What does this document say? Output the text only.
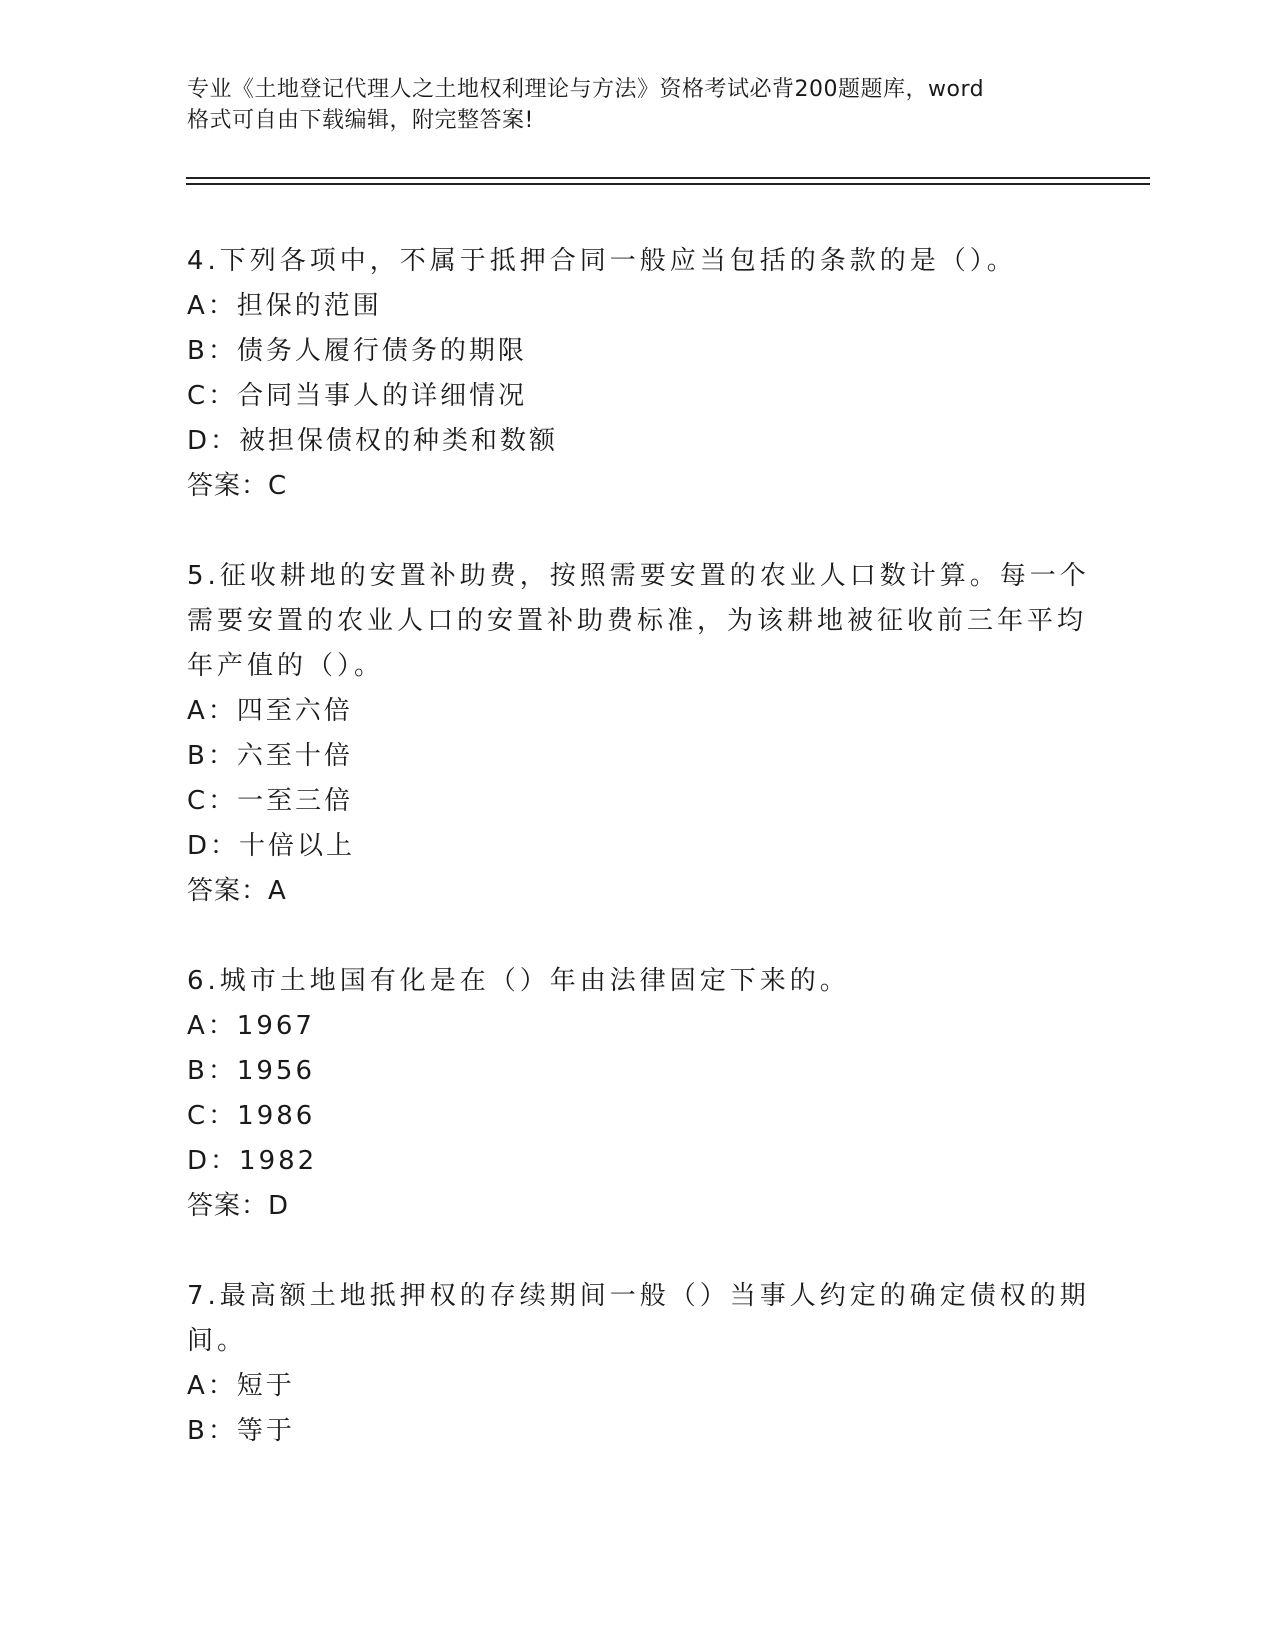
专业《土地登记代理人之土地权利理论与方法》资格考试必背200题题库，word
格式可自由下载编辑，附完整答案!
4.下列各项中，不属于抵押合同一般应当包括的条款的是（）。
A：担保的范围
B：债务人履行债务的期限
C：合同当事人的详细情况
D：被担保债权的种类和数额
答案：C
5.征收耕地的安置补助费，按照需要安置的农业人口数计算。每一个
需要安置的农业人口的安置补助费标准，为该耕地被征收前三年平均
年产值的（）。
A：四至六倍
B：六至十倍
C：一至三倍
D：十倍以上
答案：A
6.城市土地国有化是在（）年由法律固定下来的。
A：1967
B：1956
C：1986
D：1982
答案：D
7.最高额土地抵押权的存续期间一般（）当事人约定的确定债权的期
间。
A：短于
B：等于
